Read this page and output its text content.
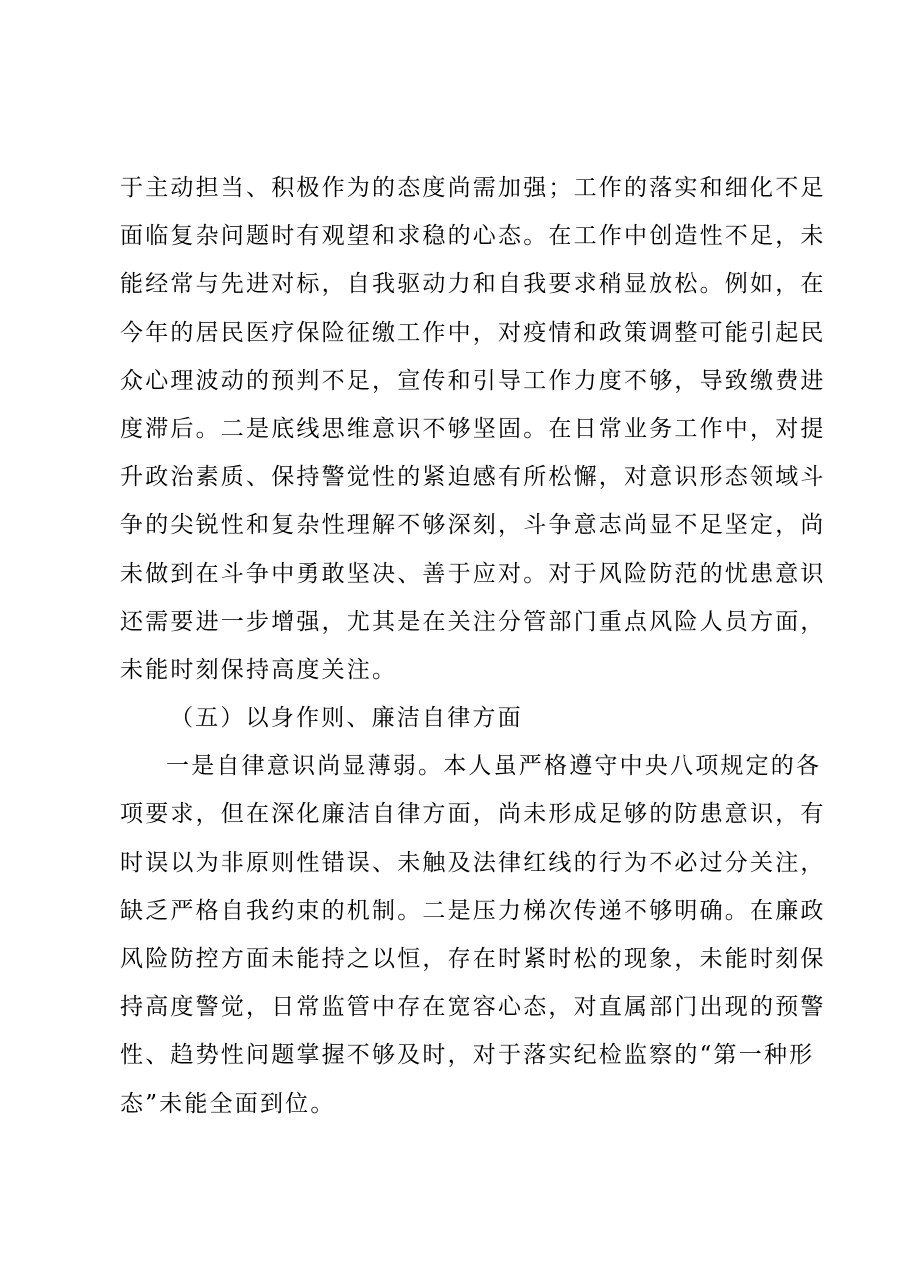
于主动担当、积极作为的态度尚需加强；工作的落实和细化不足
面临复杂问题时有观望和求稳的心态。在工作中创造性不足，未
能经常与先进对标，自我驱动力和自我要求稍显放松。例如，在
今年的居民医疗保险征缴工作中，对疫情和政策调整可能引起民
众心理波动的预判不足，宣传和引导工作力度不够，导致缴费进
度滞后。二是底线思维意识不够坚固。在日常业务工作中，对提
升政治素质、保持警觉性的紧迫感有所松懈，对意识形态领域斗
争的尖锐性和复杂性理解不够深刻，斗争意志尚显不足坚定，尚
未做到在斗争中勇敢坚决、善于应对。对于风险防范的忧患意识
还需要进一步增强，尤其是在关注分管部门重点风险人员方面，
未能时刻保持高度关注。
（五）以身作则、廉洁自律方面
一是自律意识尚显薄弱。本人虽严格遵守中央八项规定的各
项要求，但在深化廉洁自律方面，尚未形成足够的防患意识，有
时误以为非原则性错误、未触及法律红线的行为不必过分关注，
缺乏严格自我约束的机制。二是压力梯次传递不够明确。在廉政
风险防控方面未能持之以恒，存在时紧时松的现象，未能时刻保
持高度警觉，日常监管中存在宽容心态，对直属部门出现的预警
性、趋势性问题掌握不够及时，对于落实纪检监察的“第一种形
态”未能全面到位。
